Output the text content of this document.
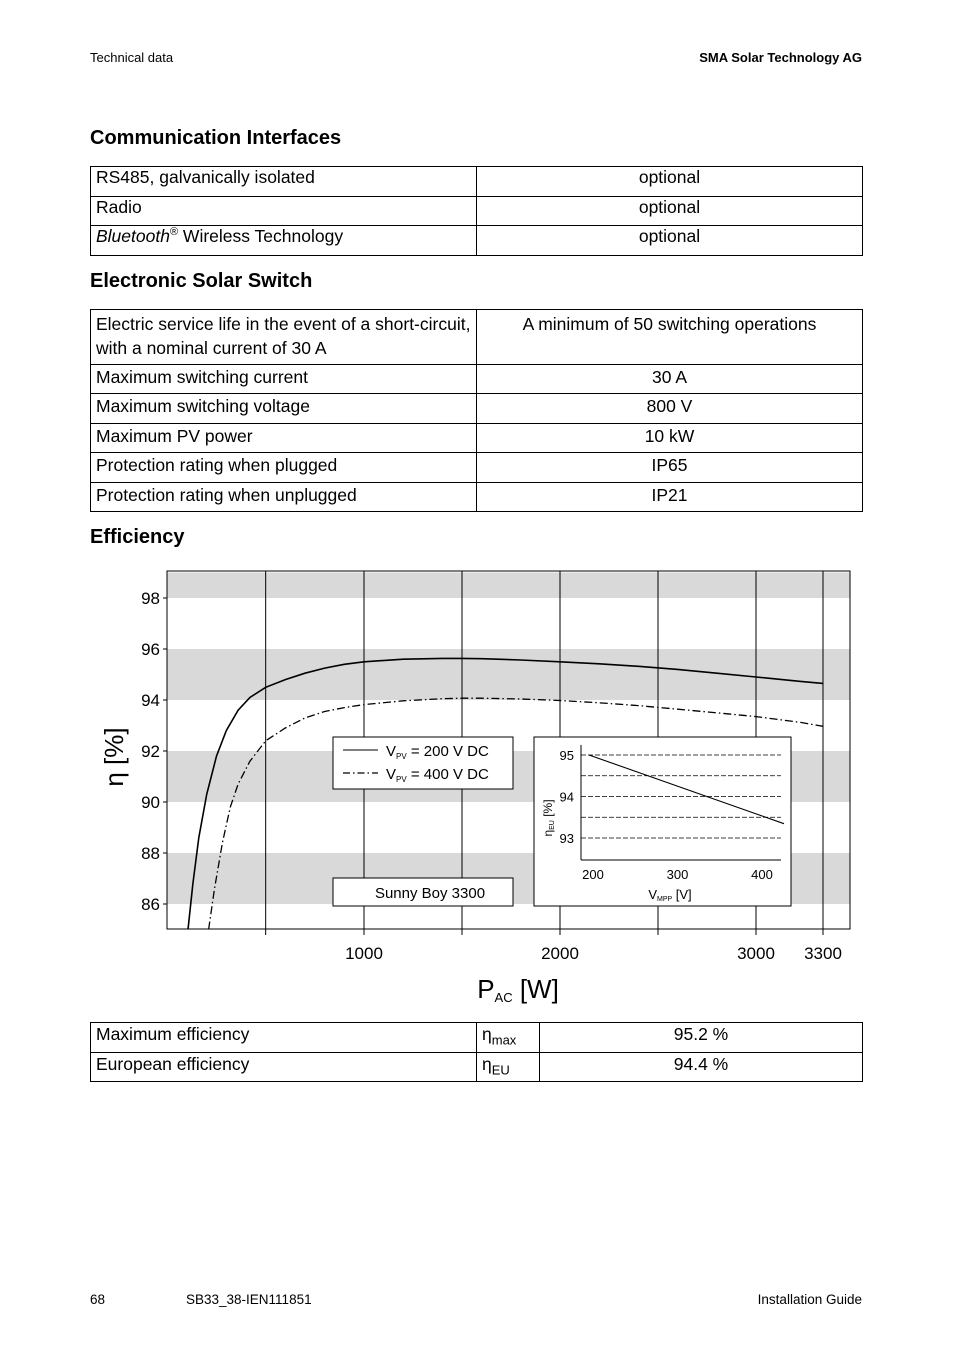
Technical data	SMA Solar Technology AG
Communication Interfaces
RS485, galvanically isolated	optional
Radio	optional
Bluetooth® Wireless Technology	optional
Electronic Solar Switch
Electric service life in the event of a short-circuit,
with a nominal current of 30 A	A minimum of 50 switching operations
Maximum switching current	30 A
Maximum switching voltage	800 V
Maximum PV power	10 kW
Protection rating when plugged	IP65
Protection rating when unplugged	IP21
Efficiency
86
88
90
92
94
96
98
1000	2000	3000 3300
$V_{PV} = 200$ V DC
$V_{PV} = 400$ V DC
Sunny Boy 3300
93
94
95
200	300	400
ηEU [%]
VMPP [V]
η [%]
PAC [W]
Maximum efficiency	$\eta_{max}$	95.2 %
European efficiency	$\eta_{EU}$	94.4 %
68	SB33_38-IEN111851	Installation Guide
